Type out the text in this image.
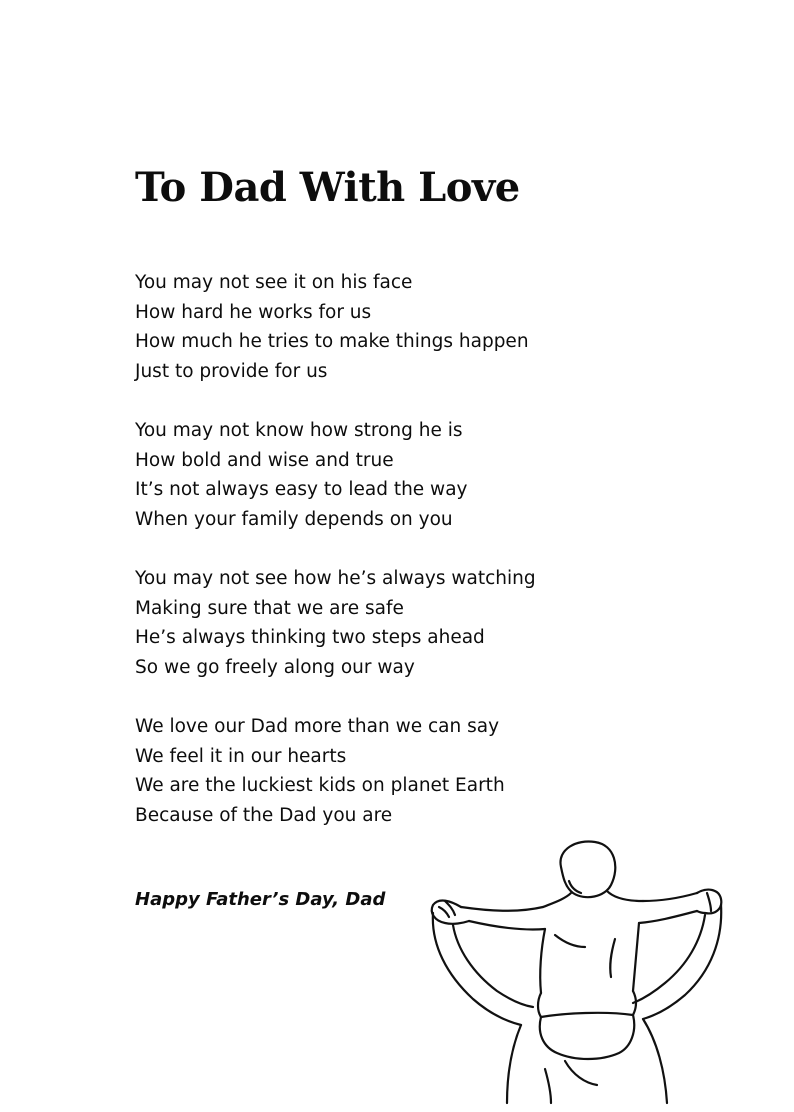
To Dad With Love
You may not see it on his face
How hard he works for us
How much he tries to make things happen
Just to provide for us
You may not know how strong he is
How bold and wise and true
It’s not always easy to lead the way
When your family depends on you
You may not see how he’s always watching
Making sure that we are safe
He’s always thinking two steps ahead
So we go freely along our way
We love our Dad more than we can say
We feel it in our hearts
We are the luckiest kids on planet Earth
Because of the Dad you are
Happy Father’s Day, Dad
